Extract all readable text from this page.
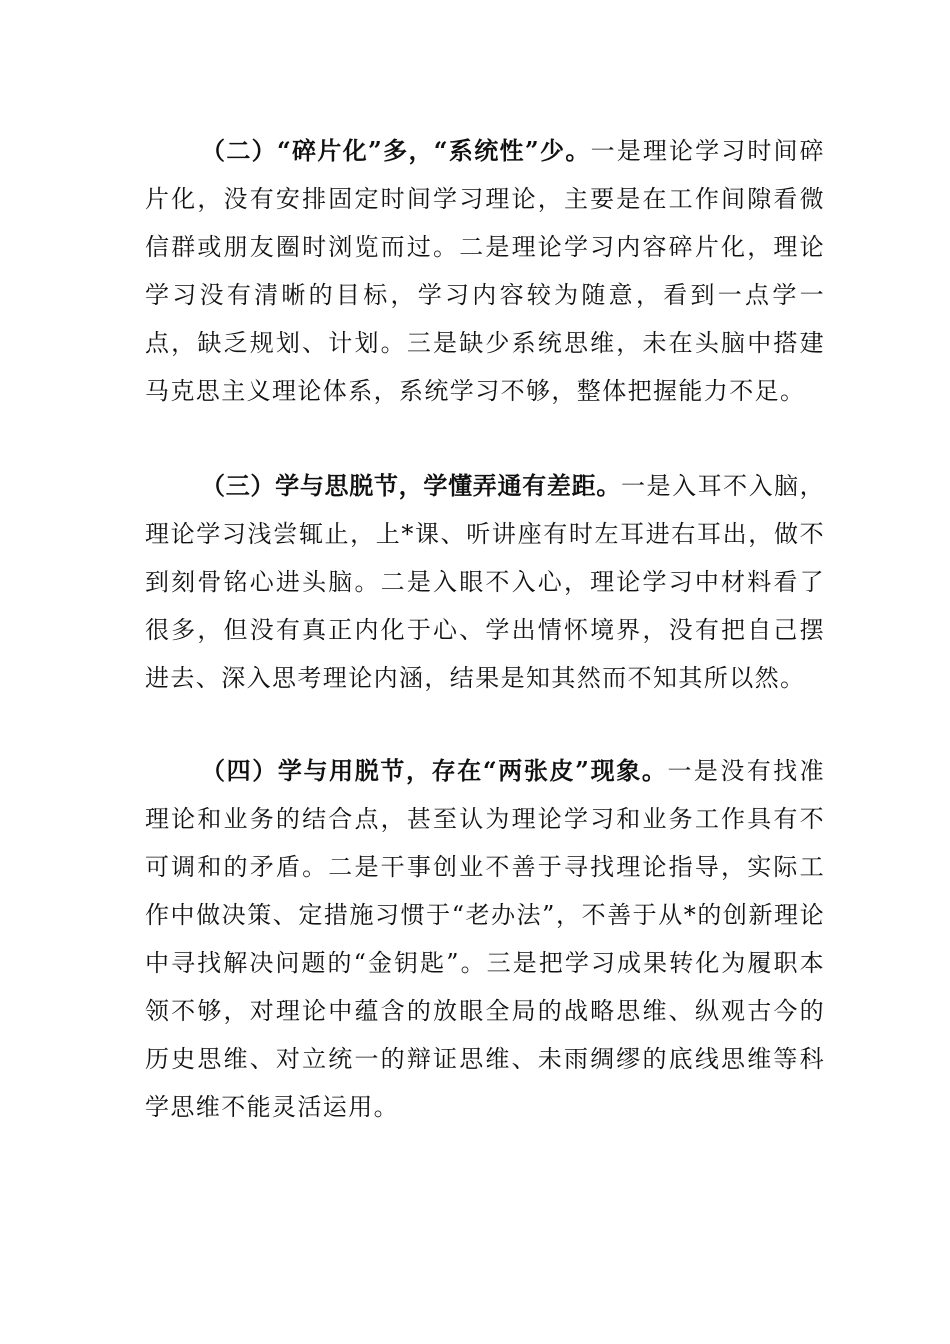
（二）“碎片化”多，“系统性”少。一是理论学习时间碎片化，没有安排固定时间学习理论，主要是在工作间隙看微信群或朋友圈时浏览而过。二是理论学习内容碎片化，理论学习没有清晰的目标，学习内容较为随意，看到一点学一点，缺乏规划、计划。三是缺少系统思维，未在头脑中搭建马克思主义理论体系，系统学习不够，整体把握能力不足。

（三）学与思脱节，学懂弄通有差距。一是入耳不入脑，理论学习浅尝辄止，上*课、听讲座有时左耳进右耳出，做不到刻骨铭心进头脑。二是入眼不入心，理论学习中材料看了很多，但没有真正内化于心、学出情怀境界，没有把自己摆进去、深入思考理论内涵，结果是知其然而不知其所以然。

（四）学与用脱节，存在“两张皮”现象。一是没有找准理论和业务的结合点，甚至认为理论学习和业务工作具有不可调和的矛盾。二是干事创业不善于寻找理论指导，实际工作中做决策、定措施习惯于“老办法”，不善于从*的创新理论中寻找解决问题的“金钥匙”。三是把学习成果转化为履职本领不够，对理论中蕴含的放眼全局的战略思维、纵观古今的历史思维、对立统一的辩证思维、未雨绸缪的底线思维等科学思维不能灵活运用。
